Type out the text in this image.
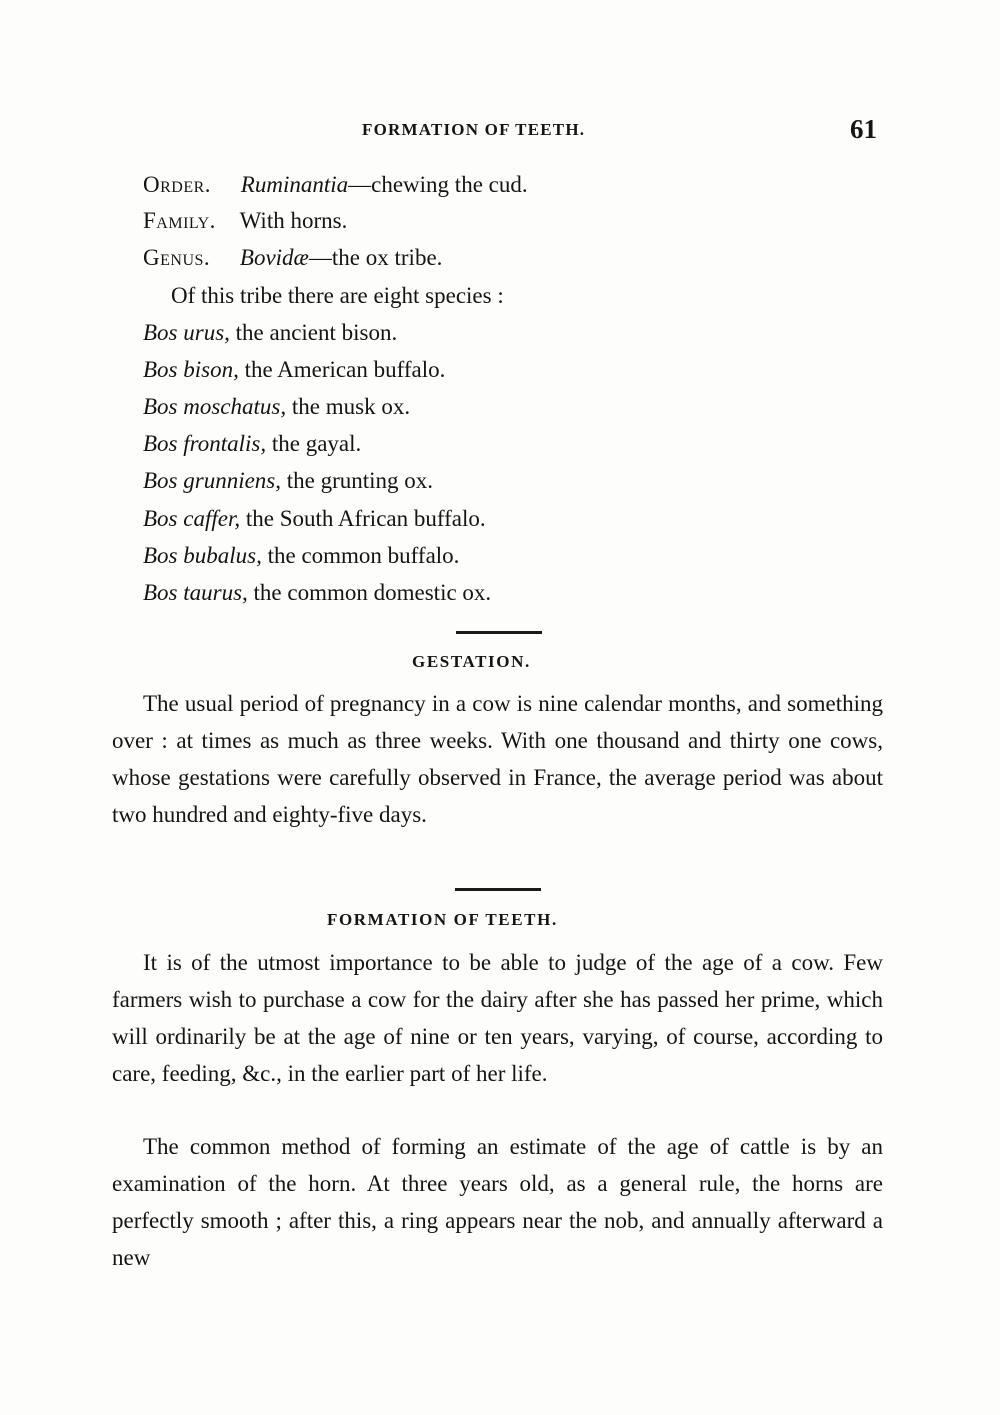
FORMATION OF TEETH.	61
Order. Ruminantia—chewing the cud.
Family. With horns.
Genus. Bovidæ—the ox tribe.
Of this tribe there are eight species :
Bos urus, the ancient bison.
Bos bison, the American buffalo.
Bos moschatus, the musk ox.
Bos frontalis, the gayal.
Bos grunniens, the grunting ox.
Bos caffer, the South African buffalo.
Bos bubalus, the common buffalo.
Bos taurus, the common domestic ox.
GESTATION.
The usual period of pregnancy in a cow is nine calendar months, and something over : at times as much as three weeks. With one thousand and thirty one cows, whose gestations were carefully observed in France, the average period was about two hundred and eighty-five days.
FORMATION OF TEETH.
It is of the utmost importance to be able to judge of the age of a cow. Few farmers wish to purchase a cow for the dairy after she has passed her prime, which will ordinarily be at the age of nine or ten years, varying, of course, according to care, feeding, &c., in the earlier part of her life.
The common method of forming an estimate of the age of cattle is by an examination of the horn. At three years old, as a general rule, the horns are perfectly smooth ; after this, a ring appears near the nob, and annually afterward a new
